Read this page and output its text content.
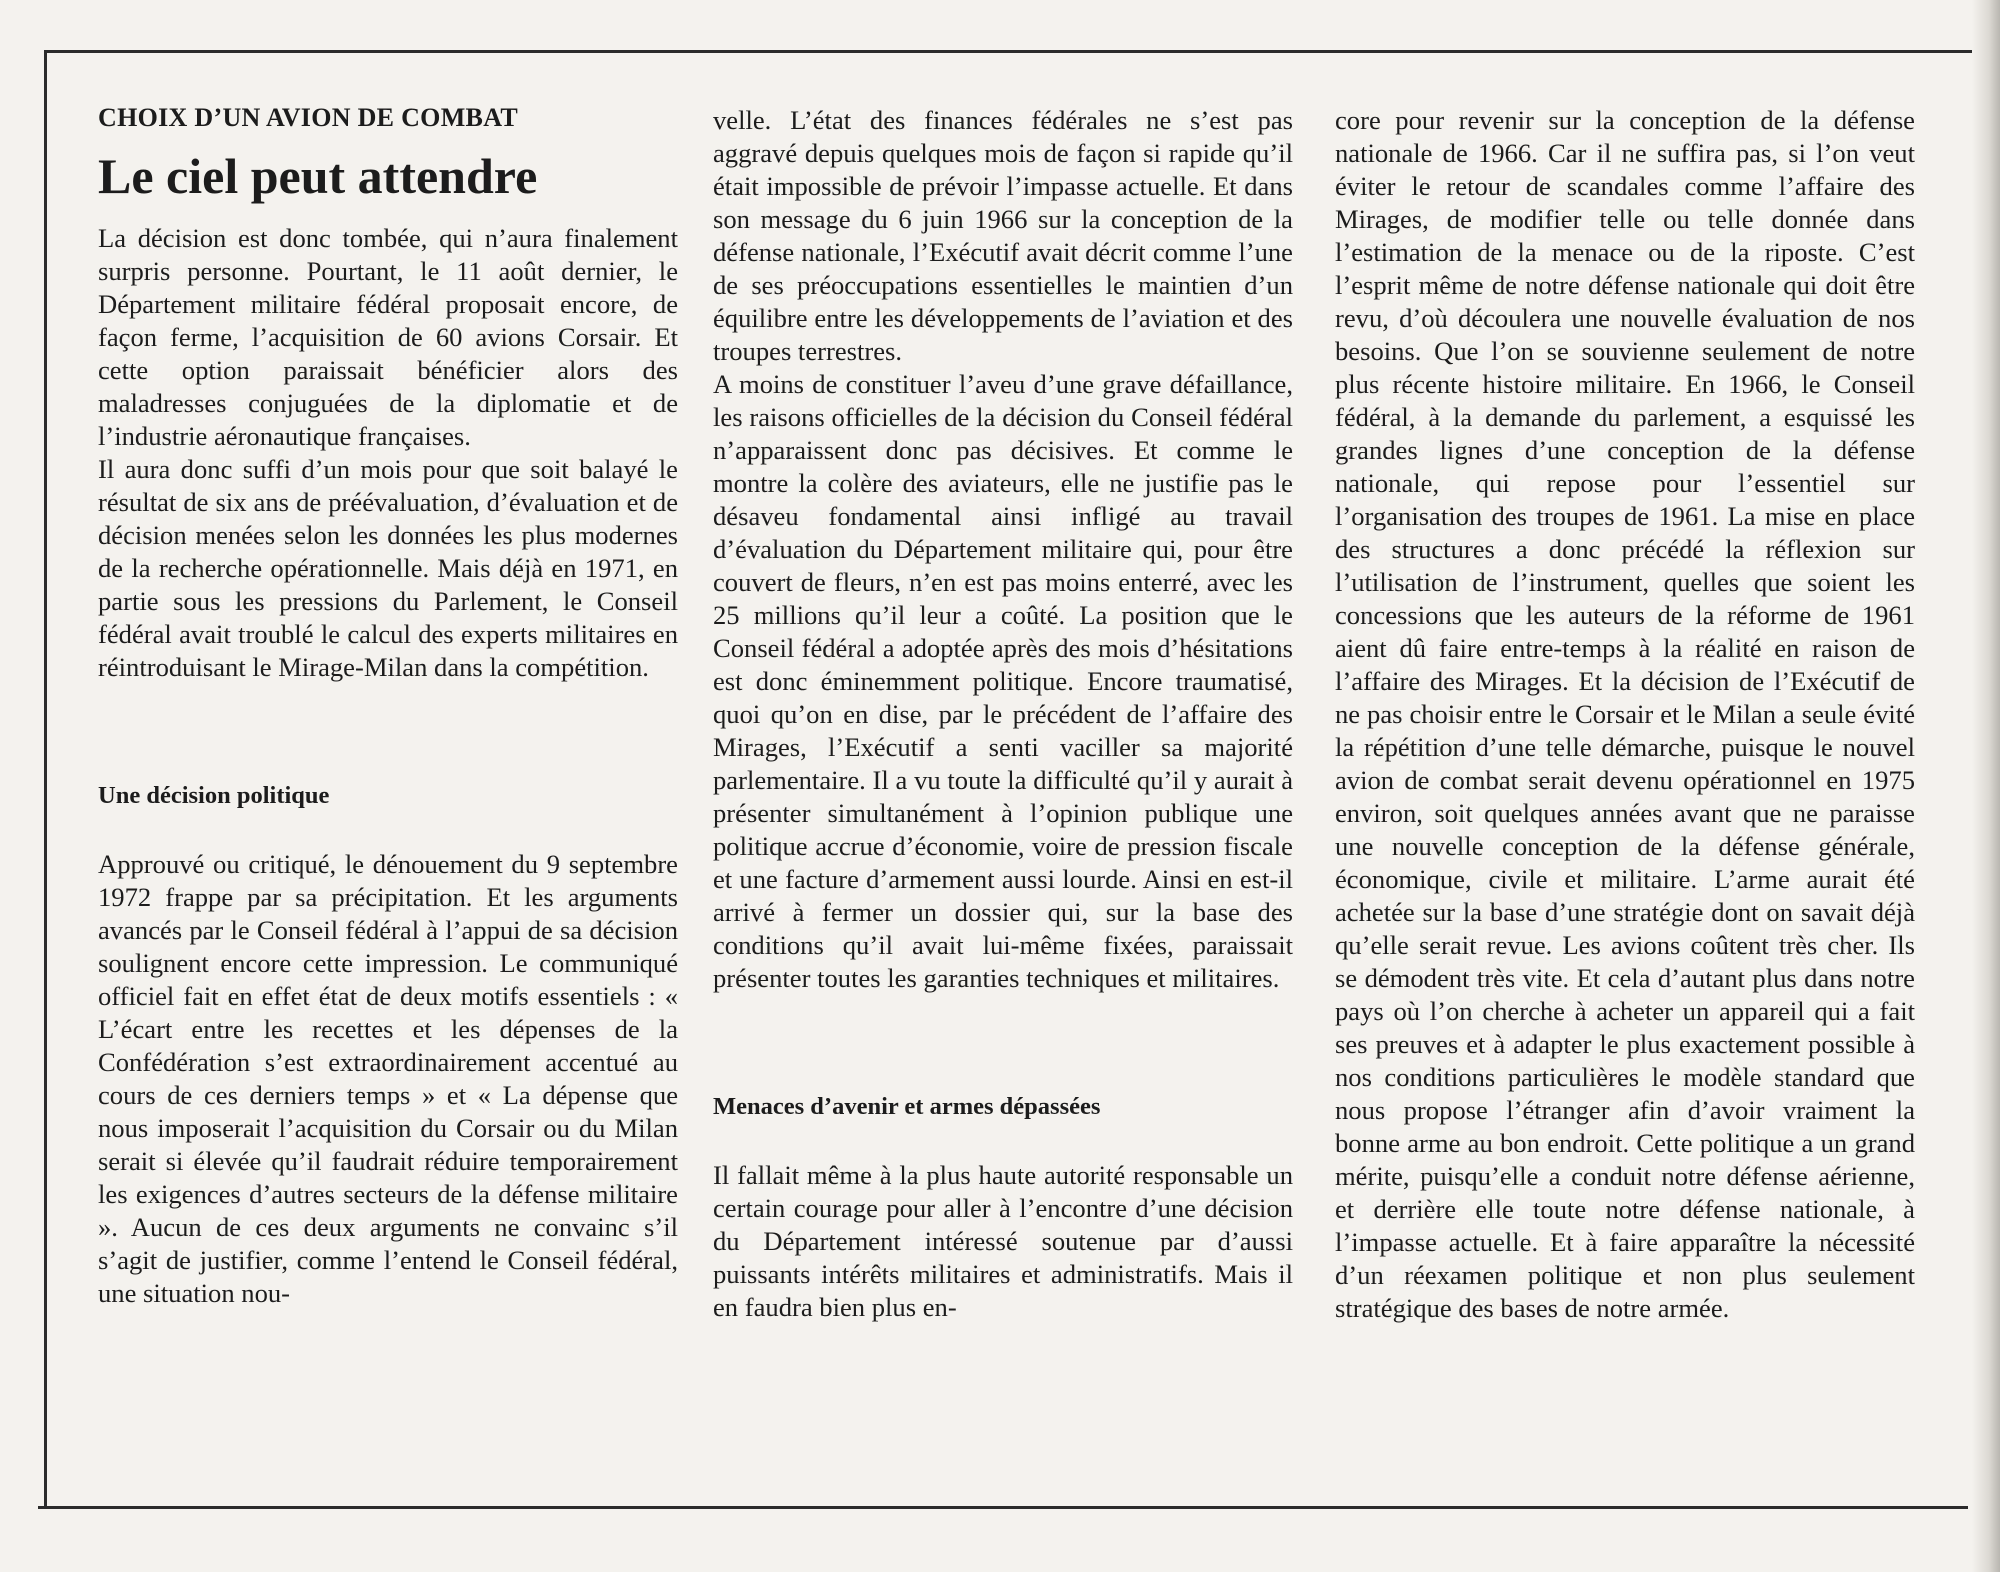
CHOIX D’UN AVION DE COMBAT
Le ciel peut attendre

La décision est donc tombée, qui n’aura finalement surpris personne. Pourtant, le 11 août dernier, le Département militaire fédéral proposait encore, de façon ferme, l’acquisition de 60 avions Corsair. Et cette option paraissait bénéficier alors des maladresses conjuguées de la diplomatie et de l’industrie aéronautique françaises.

Il aura donc suffi d’un mois pour que soit balayé le résultat de six ans de préévaluation, d’évaluation et de décision menées selon les données les plus modernes de la recherche opérationnelle. Mais déjà en 1971, en partie sous les pressions du Parlement, le Conseil fédéral avait troublé le calcul des experts militaires en réintroduisant le Mirage-Milan dans la compétition.

Une décision politique

Approuvé ou critiqué, le dénouement du 9 septembre 1972 frappe par sa précipitation. Et les arguments avancés par le Conseil fédéral à l’appui de sa décision soulignent encore cette impression. Le communiqué officiel fait en effet état de deux motifs essentiels : « L’écart entre les recettes et les dépenses de la Confédération s’est extraordinairement accentué au cours de ces derniers temps » et « La dépense que nous imposerait l’acquisition du Corsair ou du Milan serait si élevée qu’il faudrait réduire temporairement les exigences d’autres secteurs de la défense militaire ». Aucun de ces deux arguments ne convainc s’il s’agit de justifier, comme l’entend le Conseil fédéral, une situation nou-

velle. L’état des finances fédérales ne s’est pas aggravé depuis quelques mois de façon si rapide qu’il était impossible de prévoir l’impasse actuelle. Et dans son message du 6 juin 1966 sur la conception de la défense nationale, l’Exécutif avait décrit comme l’une de ses préoccupations essentielles le maintien d’un équilibre entre les développements de l’aviation et des troupes terrestres.

A moins de constituer l’aveu d’une grave défaillance, les raisons officielles de la décision du Conseil fédéral n’apparaissent donc pas décisives. Et comme le montre la colère des aviateurs, elle ne justifie pas le désaveu fondamental ainsi infligé au travail d’évaluation du Département militaire qui, pour être couvert de fleurs, n’en est pas moins enterré, avec les 25 millions qu’il leur a coûté. La position que le Conseil fédéral a adoptée après des mois d’hésitations est donc éminemment politique. Encore traumatisé, quoi qu’on en dise, par le précédent de l’affaire des Mirages, l’Exécutif a senti vaciller sa majorité parlementaire. Il a vu toute la difficulté qu’il y aurait à présenter simultanément à l’opinion publique une politique accrue d’économie, voire de pression fiscale et une facture d’armement aussi lourde. Ainsi en est-il arrivé à fermer un dossier qui, sur la base des conditions qu’il avait lui-même fixées, paraissait présenter toutes les garanties techniques et militaires.

Menaces d’avenir et armes dépassées

Il fallait même à la plus haute autorité responsable un certain courage pour aller à l’encontre d’une décision du Département intéressé soutenue par d’aussi puissants intérêts militaires et administratifs. Mais il en faudra bien plus en-

core pour revenir sur la conception de la défense nationale de 1966. Car il ne suffira pas, si l’on veut éviter le retour de scandales comme l’affaire des Mirages, de modifier telle ou telle donnée dans l’estimation de la menace ou de la riposte. C’est l’esprit même de notre défense nationale qui doit être revu, d’où découlera une nouvelle évaluation de nos besoins. Que l’on se souvienne seulement de notre plus récente histoire militaire. En 1966, le Conseil fédéral, à la demande du parlement, a esquissé les grandes lignes d’une conception de la défense nationale, qui repose pour l’essentiel sur l’organisation des troupes de 1961. La mise en place des structures a donc précédé la réflexion sur l’utilisation de l’instrument, quelles que soient les concessions que les auteurs de la réforme de 1961 aient dû faire entre-temps à la réalité en raison de l’affaire des Mirages. Et la décision de l’Exécutif de ne pas choisir entre le Corsair et le Milan a seule évité la répétition d’une telle démarche, puisque le nouvel avion de combat serait devenu opérationnel en 1975 environ, soit quelques années avant que ne paraisse une nouvelle conception de la défense générale, économique, civile et militaire. L’arme aurait été achetée sur la base d’une stratégie dont on savait déjà qu’elle serait revue. Les avions coûtent très cher. Ils se démodent très vite. Et cela d’autant plus dans notre pays où l’on cherche à acheter un appareil qui a fait ses preuves et à adapter le plus exactement possible à nos conditions particulières le modèle standard que nous propose l’étranger afin d’avoir vraiment la bonne arme au bon endroit. Cette politique a un grand mérite, puisqu’elle a conduit notre défense aérienne, et derrière elle toute notre défense nationale, à l’impasse actuelle. Et à faire apparaître la nécessité d’un réexamen politique et non plus seulement stratégique des bases de notre armée.
